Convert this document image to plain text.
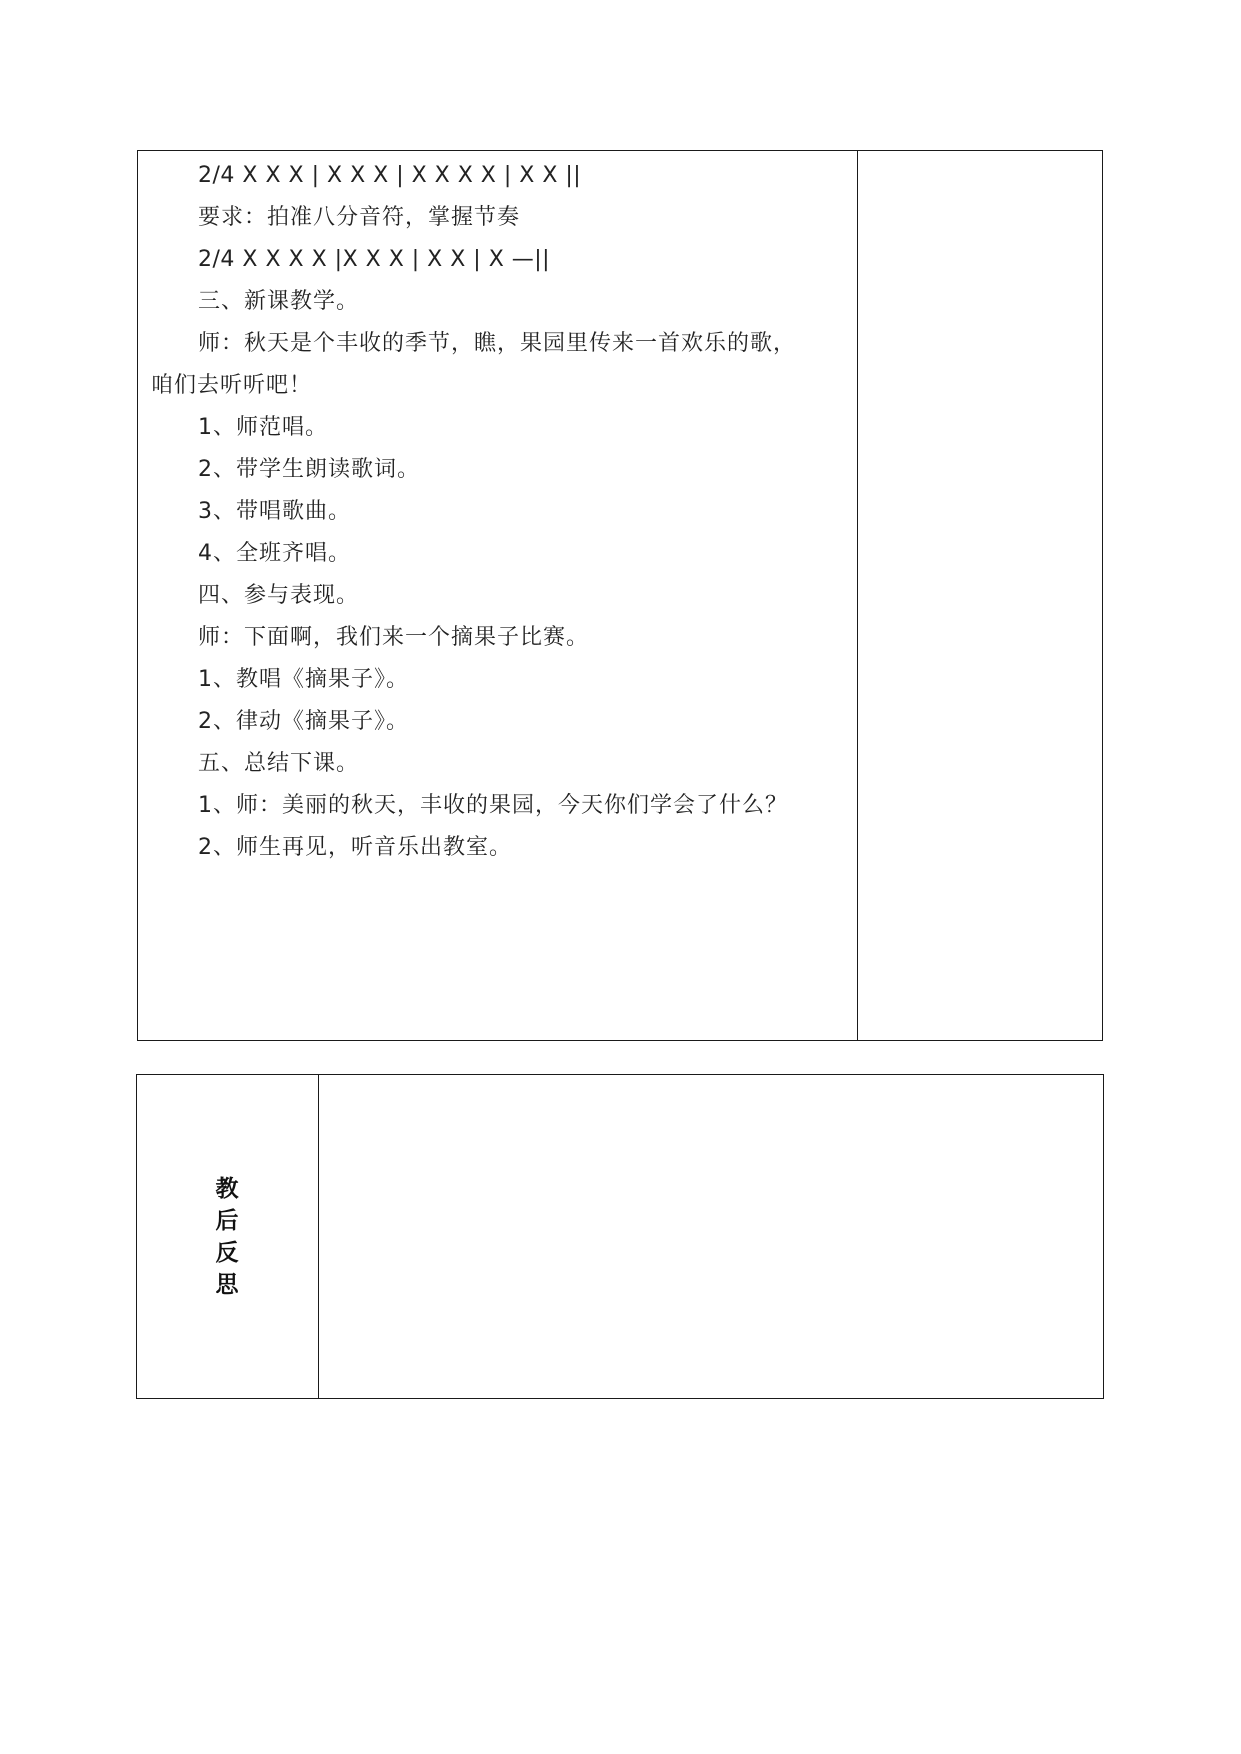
2/4 X X X | X X X | X X X X | X X ||
要求：拍准八分音符，掌握节奏
2/4 X X X X |X X X | X X | X —||
三、新课教学。
师：秋天是个丰收的季节，瞧，果园里传来一首欢乐的歌，
咱们去听听吧！
1、师范唱。
2、带学生朗读歌词。
3、带唱歌曲。
4、全班齐唱。
四、参与表现。
师：下面啊，我们来一个摘果子比赛。
1、教唱《摘果子》。
2、律动《摘果子》。
五、总结下课。
1、师：美丽的秋天，丰收的果园，今天你们学会了什么？
2、师生再见，听音乐出教室。
教
后
反
思
